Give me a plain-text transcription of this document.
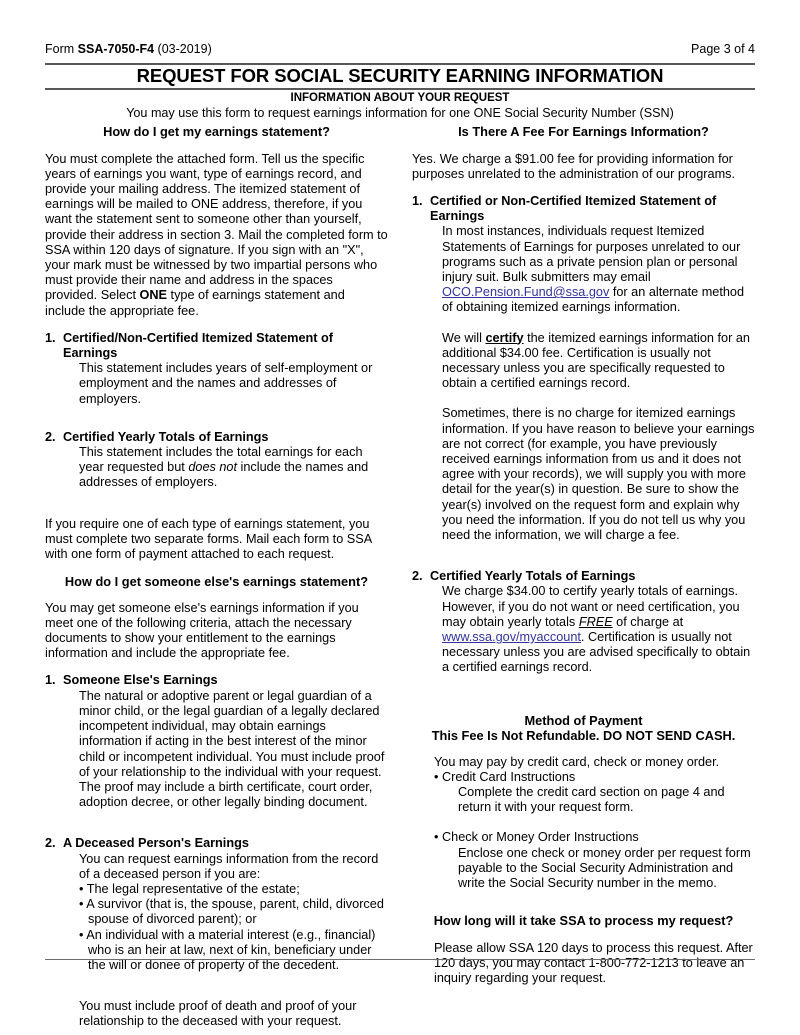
Form SSA-7050-F4 (03-2019)	Page 3 of 4
REQUEST FOR SOCIAL SECURITY EARNING INFORMATION
INFORMATION ABOUT YOUR REQUEST
You may use this form to request earnings information for one ONE Social Security Number (SSN)
How do I get my earnings statement?

You must complete the attached form. Tell us the specific years of earnings you want, type of earnings record, and provide your mailing address. The itemized statement of earnings will be mailed to ONE address, therefore, if you want the statement sent to someone other than yourself, provide their address in section 3. Mail the completed form to SSA within 120 days of signature. If you sign with an "X", your mark must be witnessed by two impartial persons who must provide their name and address in the spaces provided. Select ONE type of earnings statement and include the appropriate fee.

1. Certified/Non-Certified Itemized Statement of Earnings

This statement includes years of self-employment or employment and the names and addresses of employers.

2. Certified Yearly Totals of Earnings

This statement includes the total earnings for each year requested but does not include the names and addresses of employers.

If you require one of each type of earnings statement, you must complete two separate forms. Mail each form to SSA with one form of payment attached to each request.

How do I get someone else's earnings statement?

You may get someone else's earnings information if you meet one of the following criteria, attach the necessary documents to show your entitlement to the earnings information and include the appropriate fee.

1. Someone Else's Earnings

The natural or adoptive parent or legal guardian of a minor child, or the legal guardian of a legally declared incompetent individual, may obtain earnings information if acting in the best interest of the minor child or incompetent individual. You must include proof of your relationship to the individual with your request. The proof may include a birth certificate, court order, adoption decree, or other legally binding document.

2. A Deceased Person's Earnings

You can request earnings information from the record of a deceased person if you are:

• The legal representative of the estate;
• A survivor (that is, the spouse, parent, child, divorced spouse of divorced parent); or
• An individual with a material interest (e.g., financial) who is an heir at law, next of kin, beneficiary under the will or donee of property of the decedent.

You must include proof of death and proof of your relationship to the deceased with your request.

Is There A Fee For Earnings Information?

Yes. We charge a $91.00 fee for providing information for purposes unrelated to the administration of our programs.

1. Certified or Non-Certified Itemized Statement of Earnings

In most instances, individuals request Itemized Statements of Earnings for purposes unrelated to our programs such as a private pension plan or personal injury suit. Bulk submitters may email OCO.Pension.Fund@ssa.gov for an alternate method of obtaining itemized earnings information.

We will certify the itemized earnings information for an additional $34.00 fee. Certification is usually not necessary unless you are specifically requested to obtain a certified earnings record.

Sometimes, there is no charge for itemized earnings information. If you have reason to believe your earnings are not correct (for example, you have previously received earnings information from us and it does not agree with your records), we will supply you with more detail for the year(s) in question. Be sure to show the year(s) involved on the request form and explain why you need the information. If you do not tell us why you need the information, we will charge a fee.

2. Certified Yearly Totals of Earnings

We charge $34.00 to certify yearly totals of earnings. However, if you do not want or need certification, you may obtain yearly totals FREE of charge at www.ssa.gov/myaccount. Certification is usually not necessary unless you are advised specifically to obtain a certified earnings record.

Method of Payment
This Fee Is Not Refundable. DO NOT SEND CASH.

You may pay by credit card, check or money order.

• Credit Card Instructions

Complete the credit card section on page 4 and return it with your request form.

• Check or Money Order Instructions

Enclose one check or money order per request form payable to the Social Security Administration and write the Social Security number in the memo.

How long will it take SSA to process my request?

Please allow SSA 120 days to process this request. After 120 days, you may contact 1-800-772-1213 to leave an inquiry regarding your request.
